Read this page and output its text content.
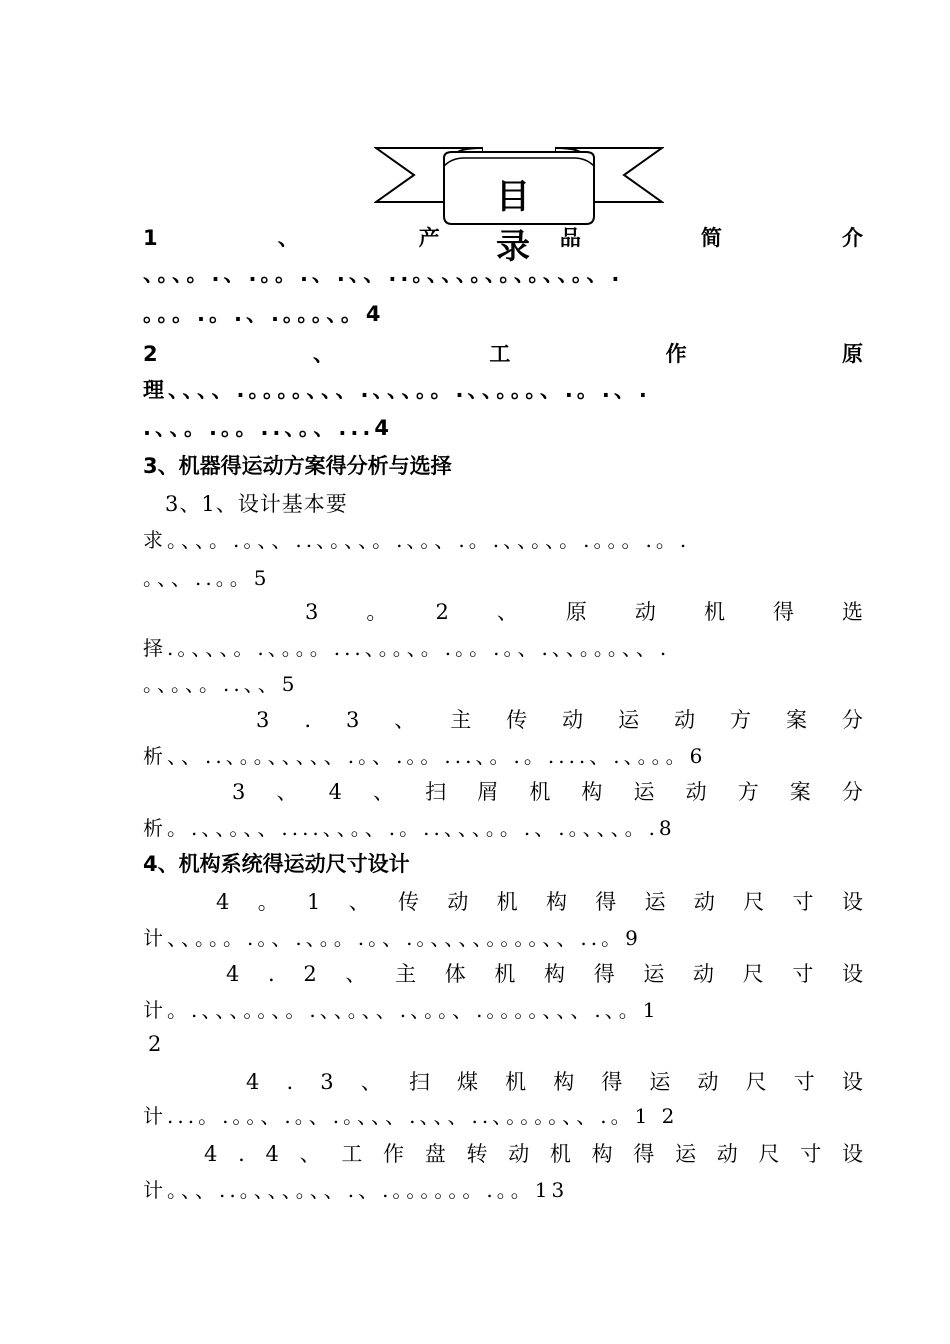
目 录
1	、	产	品	简	介
、。、。.、.。。.、.、、..。、、、。、。、。、、。、.
。。。.。.、.。。。、。4
2	、	工	作	原
理、、、、.。。。。、、、.、、、。。.、、。。。、.。.、.
.、、。.。。..、。、...4
3、机器得运动方案得分析与选择
3、1、设计基本要
求。、、。.。、、..、。、、。.、。、.。.、、。、。.。。。.。.
。、、..。。5
3 。 2 、 原 动 机 得 选
择.。、、、。.、。。。...、。。、。.。。.。、.、、。。。、、.
。、。、。..、、5
3 . 3 、 主 传 动 运 动 方 案 分
析、、..、。。、、、、、.。、.。。...、。.。....、.、。。。6
3 、 4 、 扫 屑 机 构 运 动 方 案 分
析。.、、。、、....、、。、.。..、、、。。.、.。、、、。.8
4、机构系统得运动尺寸设计
4 。 1 、 传 动 机 构 得 运 动 尺 寸 设
计、、。。。.。、.、。。.。、.。、、、、。。。。、、..。9
4 . 2 、 主 体 机 构 得 运 动 尺 寸 设
计。.、、、。。、。.、、。、、.、。。、.。。。。、、、.、。1
2
4 . 3 、 扫 煤 机 构 得 运 动 尺 寸 设
计...。.。。、.。、.。、、、.、、、..、。。。。、、.。1 2
4 . 4 、 工 作 盘 转 动 机 构 得 运 动 尺 寸 设
计。、、..。、、、。、、.、.。。。。。。.。。13
